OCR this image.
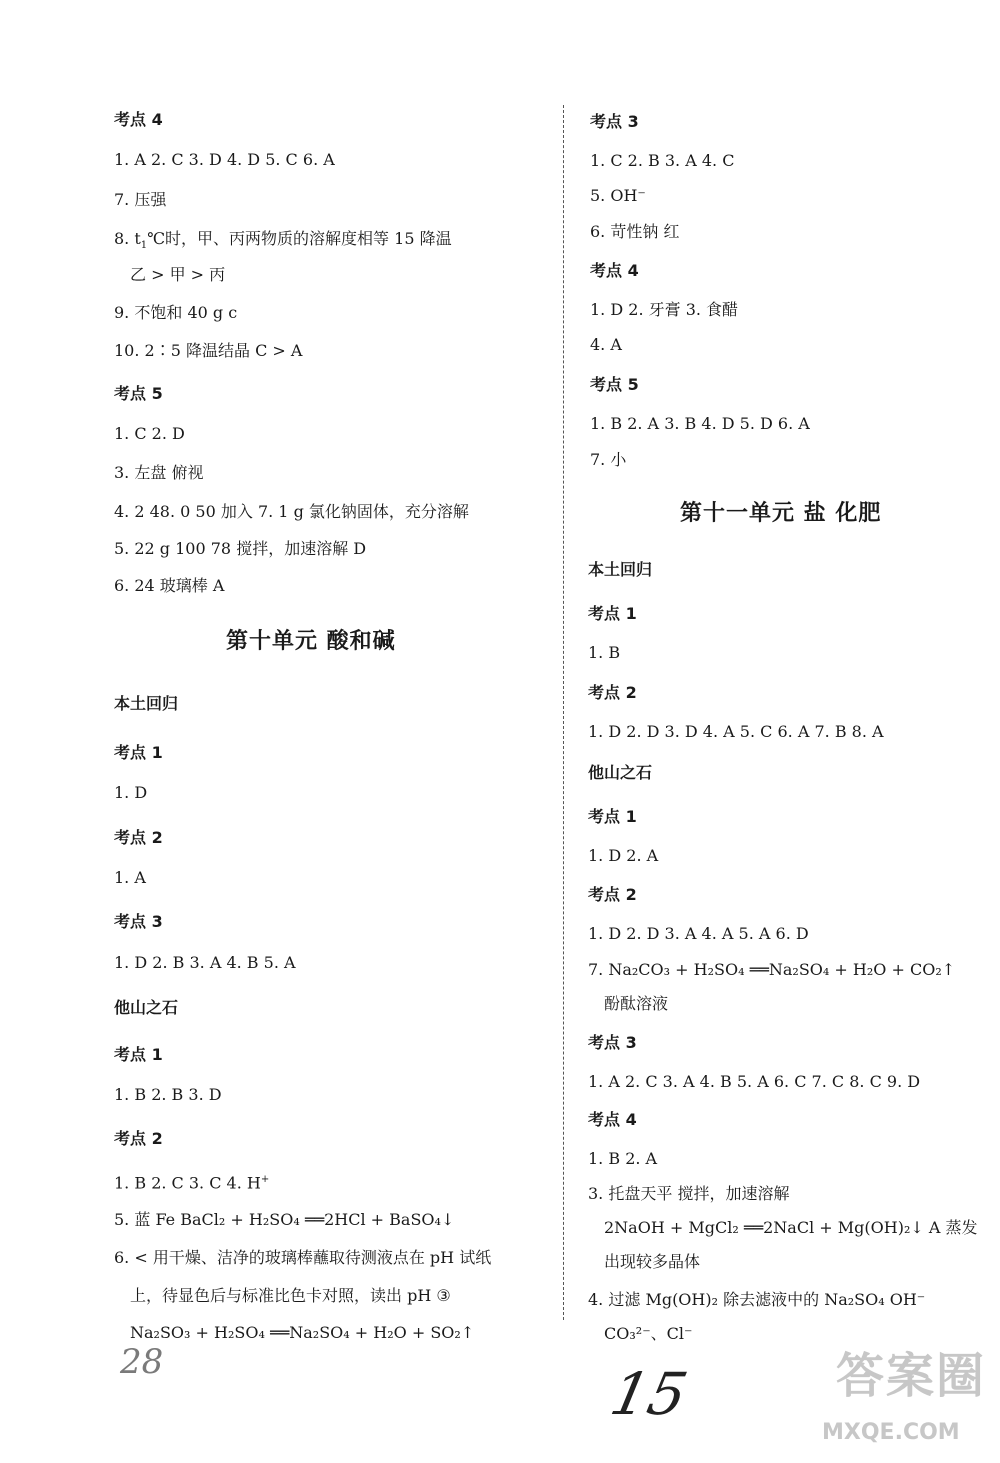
考点 4
1. A 2. C 3. D 4. D 5. C 6. A
7. 压强
8. $t_1℃$时，甲、丙两物质的溶解度相等 15 降温
乙 > 甲 > 丙
9. 不饱和 40 g c
10. 2∶5 降温结晶 C > A
考点 5
1. C 2. D
3. 左盘 俯视
4. 2 48. 0 50 加入 7. 1 g 氯化钠固体，充分溶解
5. 22 g 100 78 搅拌，加速溶解 D
6. 24 玻璃棒 A
第十单元 酸和碱
本土回归
考点 1
1. D
考点 2
1. A
考点 3
1. D 2. B 3. A 4. B 5. A
他山之石
考点 1
1. B 2. B 3. D
考点 2
1. B 2. C 3. C 4. H+
5. 蓝 Fe BaCl₂ + H₂SO₄ ══2HCl + BaSO₄↓
6. < 用干燥、洁净的玻璃棒蘸取待测液点在 pH 试纸
上，待显色后与标准比色卡对照，读出 pH ③
Na₂SO₃ + H₂SO₄ ══Na₂SO₄ + H₂O + SO₂↑
考点 3
1. C 2. B 3. A 4. C
5. OH⁻
6. 苛性钠 红
考点 4
1. D 2. 牙膏 3. 食醋
4. A
考点 5
1. B 2. A 3. B 4. D 5. D 6. A
7. 小
第十一单元 盐 化肥
本土回归
考点 1
1. B
考点 2
1. D 2. D 3. D 4. A 5. C 6. A 7. B 8. A
他山之石
考点 1
1. D 2. A
考点 2
1. D 2. D 3. A 4. A 5. A 6. D
7. Na₂CO₃ + H₂SO₄ ══Na₂SO₄ + H₂O + CO₂↑
酚酞溶液
考点 3
1. A 2. C 3. A 4. B 5. A 6. C 7. C 8. C 9. D
考点 4
1. B 2. A
3. 托盘天平 搅拌，加速溶解
2NaOH + MgCl₂ ══2NaCl + Mg(OH)₂↓ A 蒸发
出现较多晶体
4. 过滤 Mg(OH)₂ 除去滤液中的 Na₂SO₄ OH⁻
CO₃²⁻、Cl⁻
28	15	答案圈
MXQE.COM
